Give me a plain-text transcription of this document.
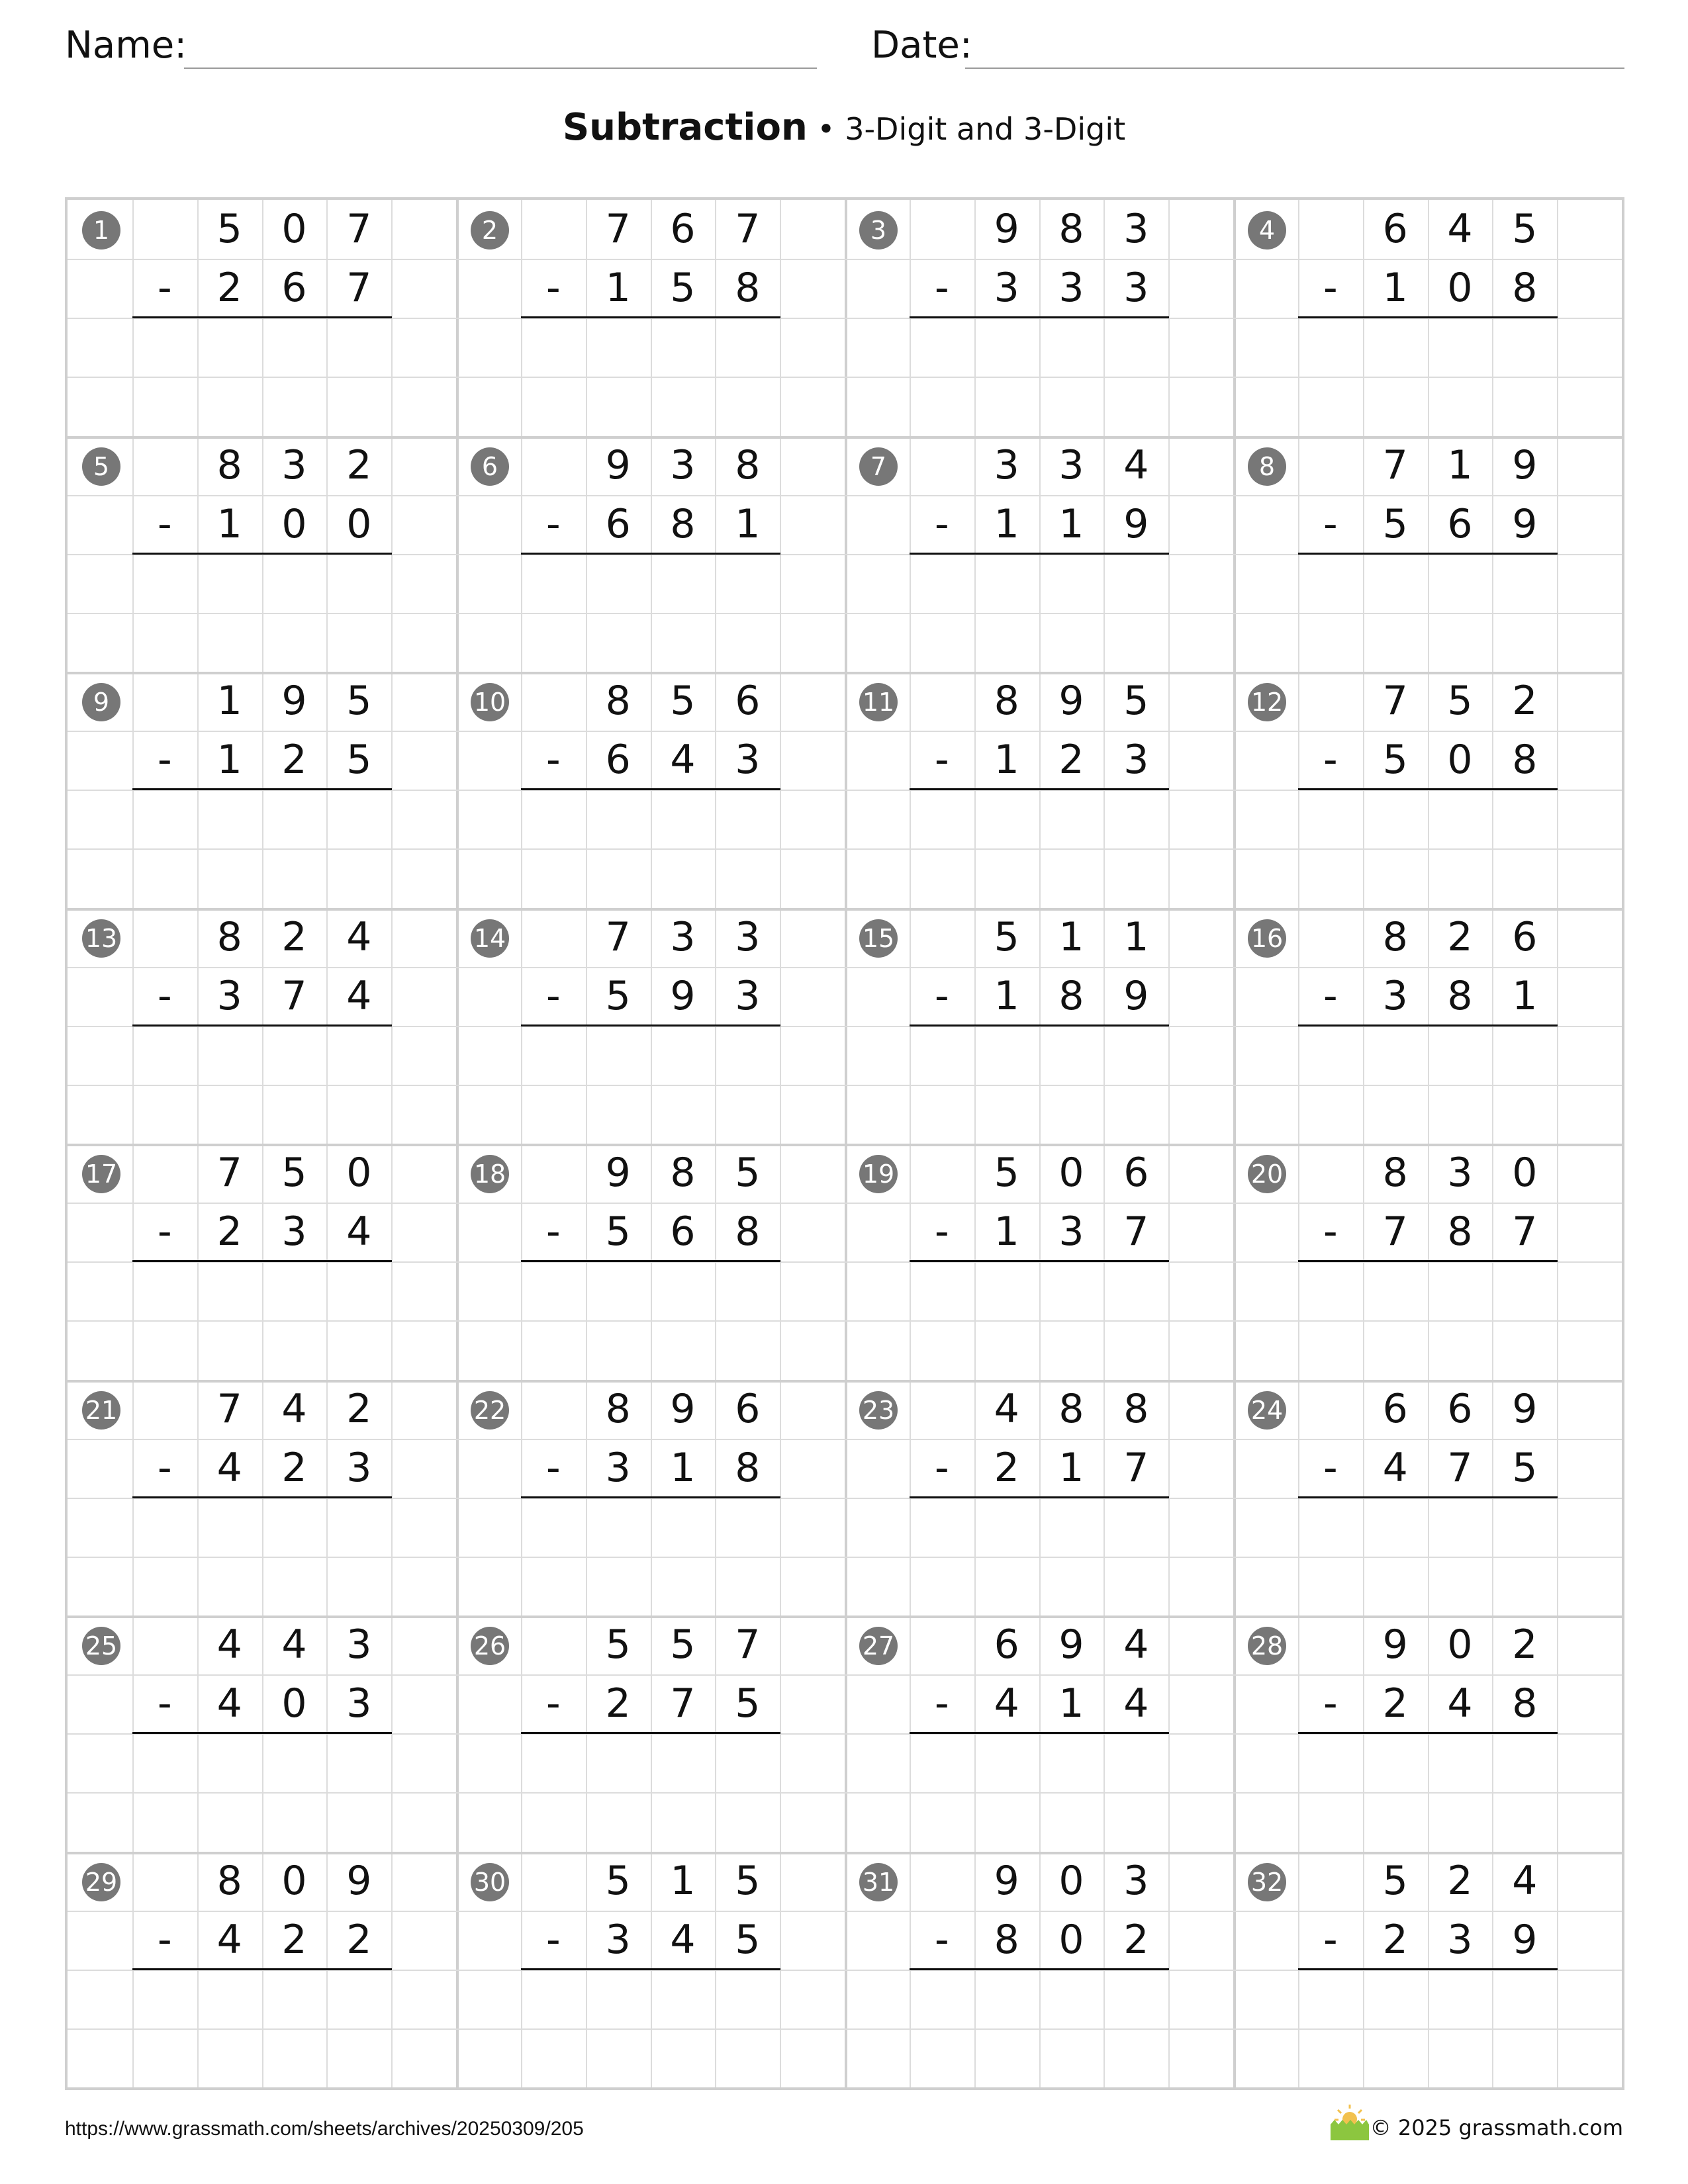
Name:	Date:
Subtraction • 3-Digit and 3-Digit
1	5 0 7
-	2 6 7
2	7 6 7
-	1 5 8
3	9 8 3
-	3 3 3
4	6 4 5
-	1 0 8
5	8 3 2
-	1 0 0
6	9 3 8
-	6 8 1
7	3 3 4
-	1 1 9
8	7 1 9
-	5 6 9
9	1 9 5
-	1 2 5
10	8 5 6
-	6 4 3
11	8 9 5
-	1 2 3
12	7 5 2
-	5 0 8
13	8 2 4
-	3 7 4
14	7 3 3
-	5 9 3
15	5 1 1
-	1 8 9
16	8 2 6
-	3 8 1
17	7 5 0
-	2 3 4
18	9 8 5
-	5 6 8
19	5 0 6
-	1 3 7
20	8 3 0
-	7 8 7
21	7 4 2
-	4 2 3
22	8 9 6
-	3 1 8
23	4 8 8
-	2 1 7
24	6 6 9
-	4 7 5
25	4 4 3
-	4 0 3
26	5 5 7
-	2 7 5
27	6 9 4
-	4 1 4
28	9 0 2
-	2 4 8
29	8 0 9
-	4 2 2
30	5 1 5
-	3 4 5
31	9 0 3
-	8 0 2
32	5 2 4
-	2 3 9
https://www.grassmath.com/sheets/archives/20250309/205	© 2025 grassmath.com
